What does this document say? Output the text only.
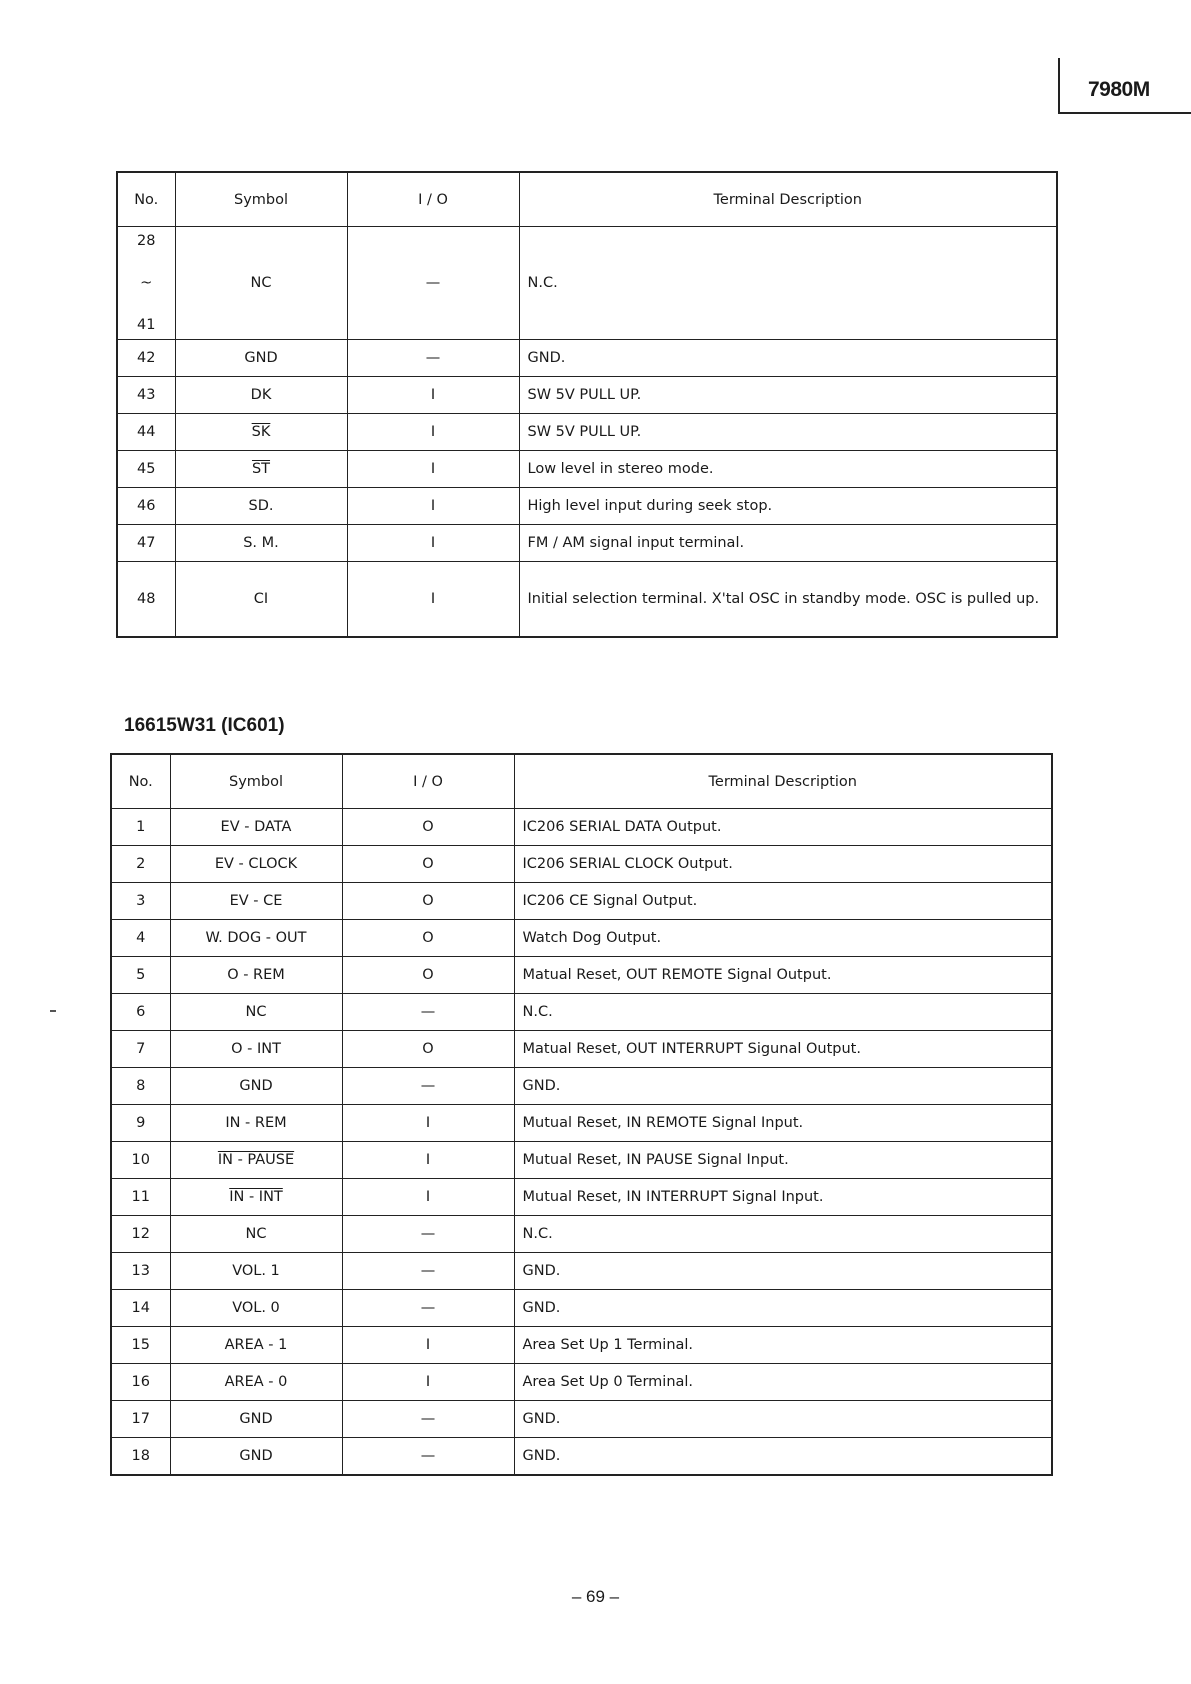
7980M
No.	Symbol	I / O	Terminal Description

28
~
41	NC	—	N.C.
42	GND	—	GND.
43	DK	I	SW 5V PULL UP.
44	$\overline{SK}$	I	SW 5V PULL UP.
45	$\overline{ST}$	I	Low level in stereo mode.
46	SD.	I	High level input during seek stop.
47	S. M.	I	FM / AM signal input terminal.
48	CI	I	Initial selection terminal. X'tal OSC in standby mode. OSC is pulled up.
16615W31 (IC601)
No.	Symbol	I / O	Terminal Description
1	EV - DATA	O	IC206 SERIAL DATA Output.
2	EV - CLOCK	O	IC206 SERIAL CLOCK Output.
3	EV - CE	O	IC206 CE Signal Output.
4	W. DOG - OUT	O	Watch Dog Output.
5	O - REM	O	Matual Reset, OUT REMOTE Signal Output.
6	NC	—	N.C.
7	O - INT	O	Matual Reset, OUT INTERRUPT Sigunal Output.
8	GND	—	GND.
9	IN - REM	I	Mutual Reset, IN REMOTE Signal Input.
10	IN - PAUSE	I	Mutual Reset, IN PAUSE Signal Input.
11	IN - INT	I	Mutual Reset, IN INTERRUPT Signal Input.
12	NC	—	N.C.
13	VOL. 1	—	GND.
14	VOL. 0	—	GND.
15	AREA - 1	I	Area Set Up 1 Terminal.
16	AREA - 0	I	Area Set Up 0 Terminal.
17	GND	—	GND.
18	GND	—	GND.
– 69 –
